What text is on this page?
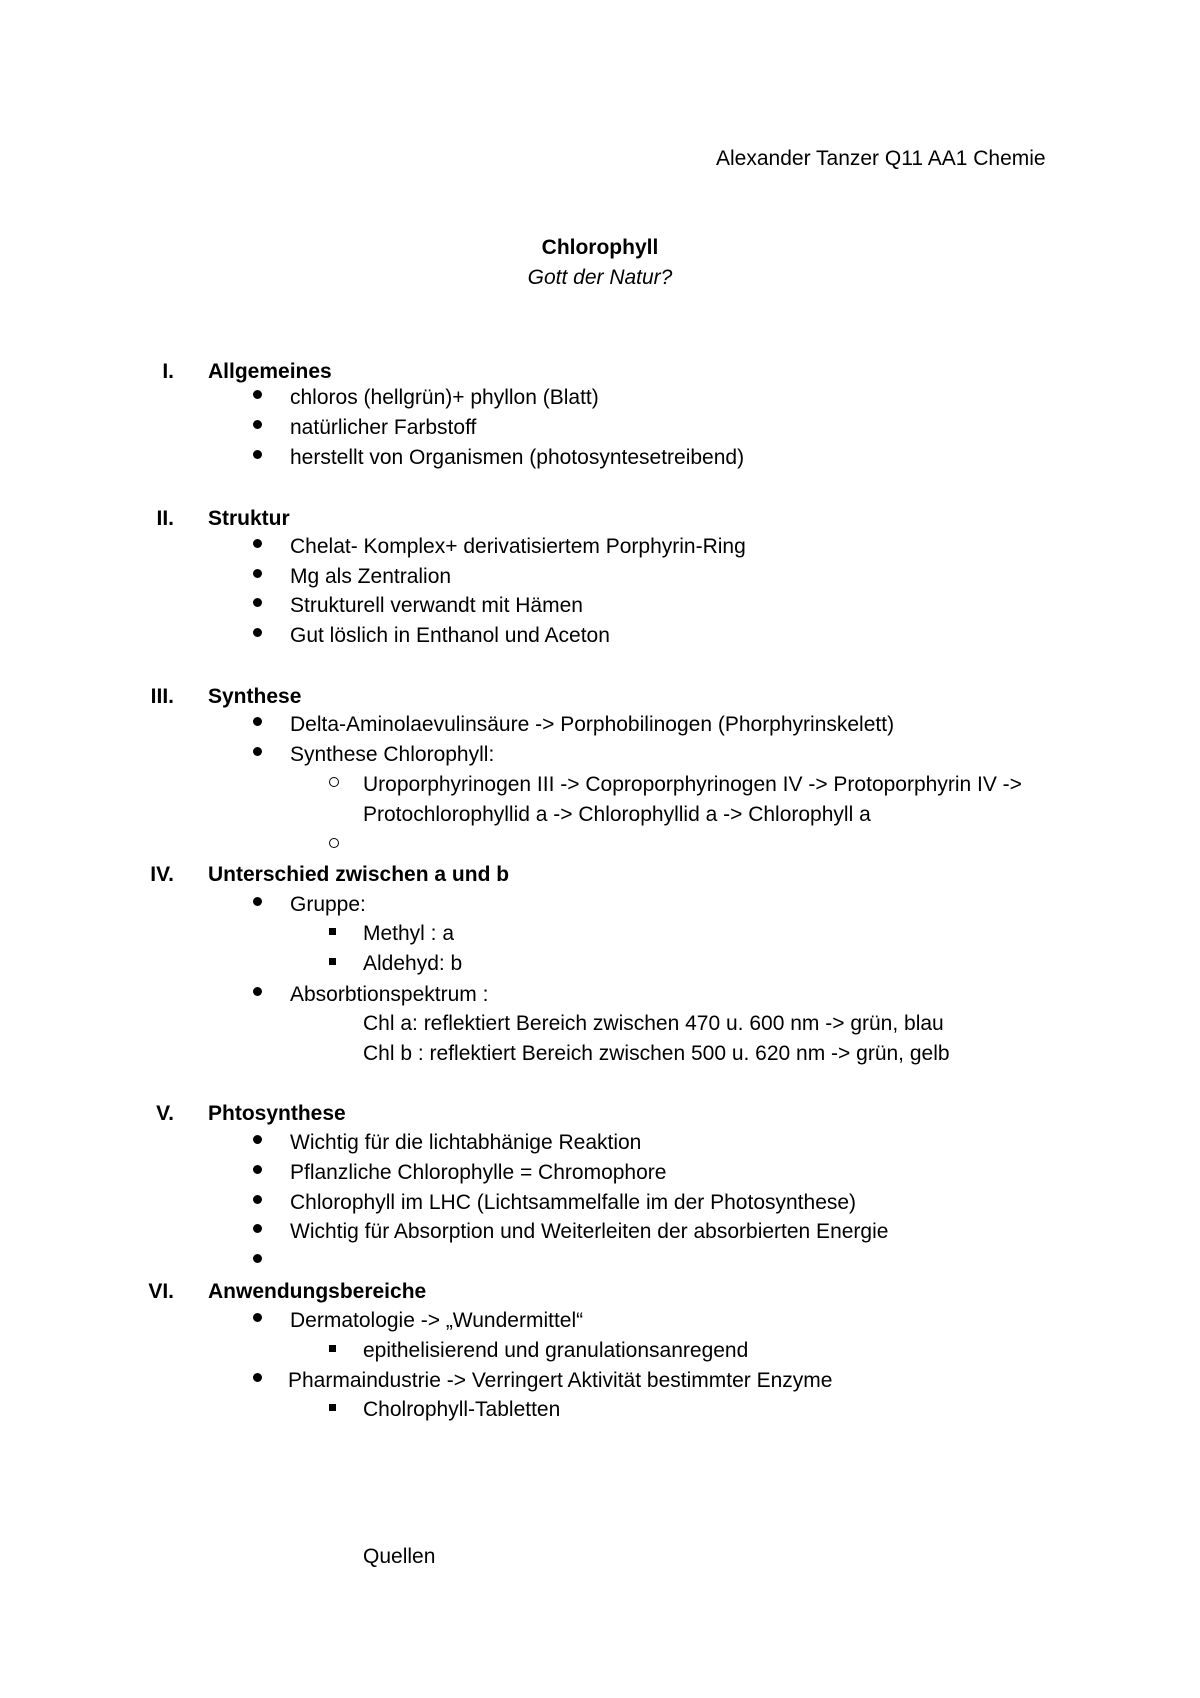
Alexander Tanzer Q11 AA1 Chemie
Chlorophyll
Gott der Natur?
I. Allgemeines
chloros (hellgrün)+ phyllon (Blatt)
natürlicher Farbstoff
herstellt von Organismen (photosyntesetreibend)
II. Struktur
Chelat- Komplex+ derivatisiertem Porphyrin-Ring
Mg als Zentralion
Strukturell verwandt mit Hämen
Gut löslich in Enthanol und Aceton
III. Synthese
Delta-Aminolaevulinsäure -> Porphobilinogen (Phorphyrinskelett)
Synthese Chlorophyll:
Uroporphyrinogen III -> Coproporphyrinogen IV -> Protoporphyrin IV ->
Protochlorophyllid a -> Chlorophyllid a -> Chlorophyll a
IV. Unterschied zwischen a und b
Gruppe:
Methyl : a
Aldehyd: b
Absorbtionspektrum :
Chl a: reflektiert Bereich zwischen 470 u. 600 nm -> grün, blau
Chl b : reflektiert Bereich zwischen 500 u. 620 nm -> grün, gelb
V. Phtosynthese
Wichtig für die lichtabhänige Reaktion
Pflanzliche Chlorophylle = Chromophore
Chlorophyll im LHC (Lichtsammelfalle im der Photosynthese)
Wichtig für Absorption und Weiterleiten der absorbierten Energie
VI. Anwendungsbereiche
Dermatologie -> „Wundermittel“
epithelisierend und granulationsanregend
Pharmaindustrie -> Verringert Aktivität bestimmter Enzyme
Cholrophyll-Tabletten
Quellen
